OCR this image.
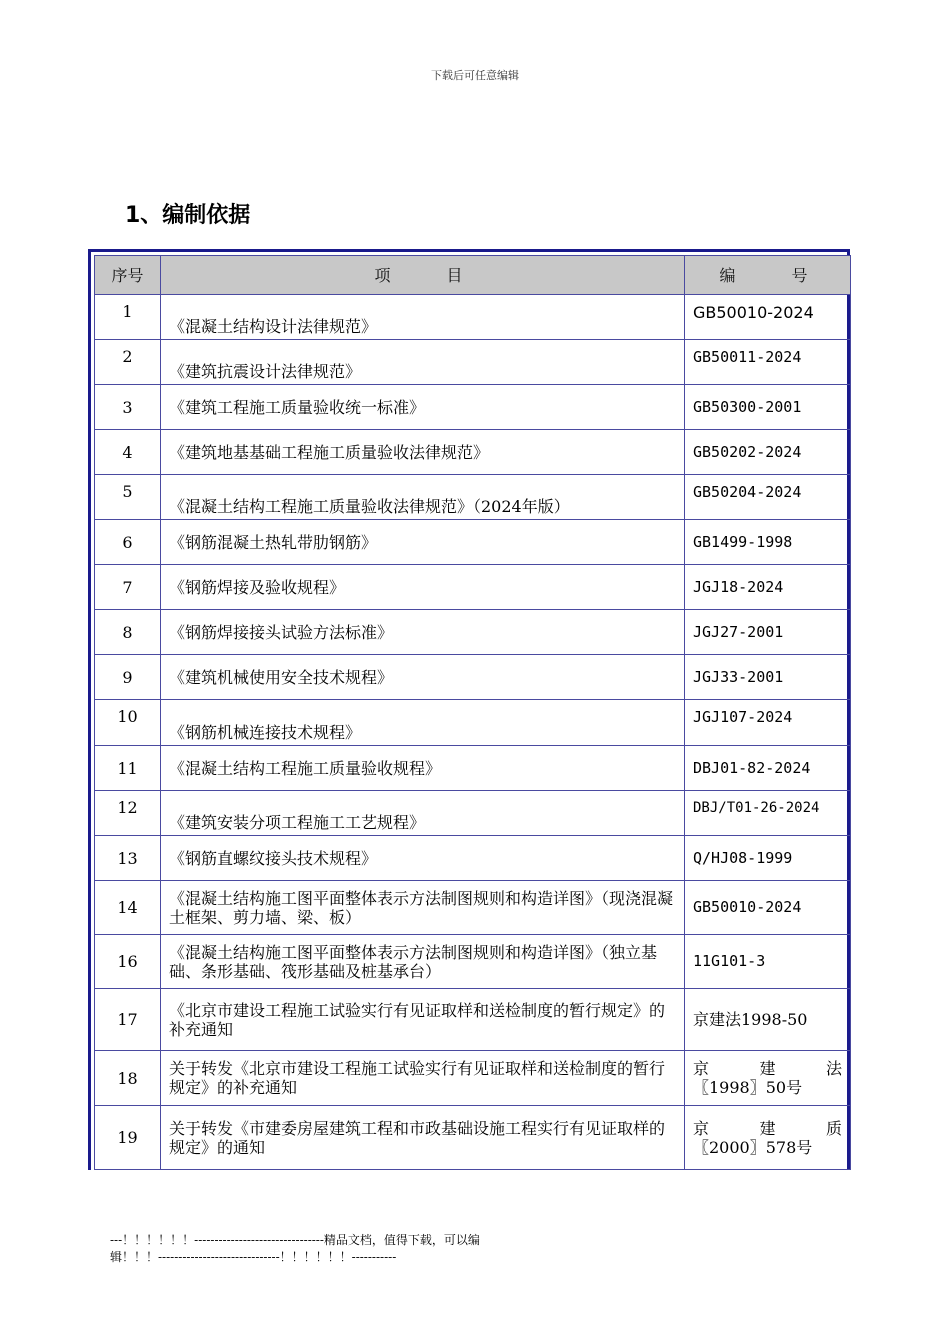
下载后可任意编辑
1、编制依据
序号	项　　目	编　　号
1	《混凝土结构设计法律规范》	GB50010-2024
2	《建筑抗震设计法律规范》	GB50011-2024
3	《建筑工程施工质量验收统一标准》	GB50300-2001
4	《建筑地基基础工程施工质量验收法律规范》	GB50202-2024
5	《混凝土结构工程施工质量验收法律规范》（2024年版）	GB50204-2024
6	《钢筋混凝土热轧带肋钢筋》	GB1499-1998
7	《钢筋焊接及验收规程》	JGJ18-2024
8	《钢筋焊接接头试验方法标准》	JGJ27-2001
9	《建筑机械使用安全技术规程》	JGJ33-2001
10	《钢筋机械连接技术规程》	JGJ107-2024
11	《混凝土结构工程施工质量验收规程》	DBJ01-82-2024
12	《建筑安装分项工程施工工艺规程》	DBJ/T01-26-2024
13	《钢筋直螺纹接头技术规程》	Q/HJ08-1999
14	《混凝土结构施工图平面整体表示方法制图规则和构造详图》（现浇混凝土框架、剪力墙、梁、板）	GB50010-2024
16	《混凝土结构施工图平面整体表示方法制图规则和构造详图》（独立基础、条形基础、筏形基础及桩基承台）	11G101-3
17	《北京市建设工程施工试验实行有见证取样和送检制度的暂行规定》的补充通知	京建法1998-50
18	关于转发《北京市建设工程施工试验实行有见证取样和送检制度的暂行规定》的补充通知	京 建 法
〖1998〗50号

19	关于转发《市建委房屋建筑工程和市政基础设施工程实行有见证取样的规定》的通知	京 建 质
〖2000〗578号
---！！！！！！--------------------------------精品文档，值得下载，可以编
辑！！！------------------------------！！！！！！-----------
